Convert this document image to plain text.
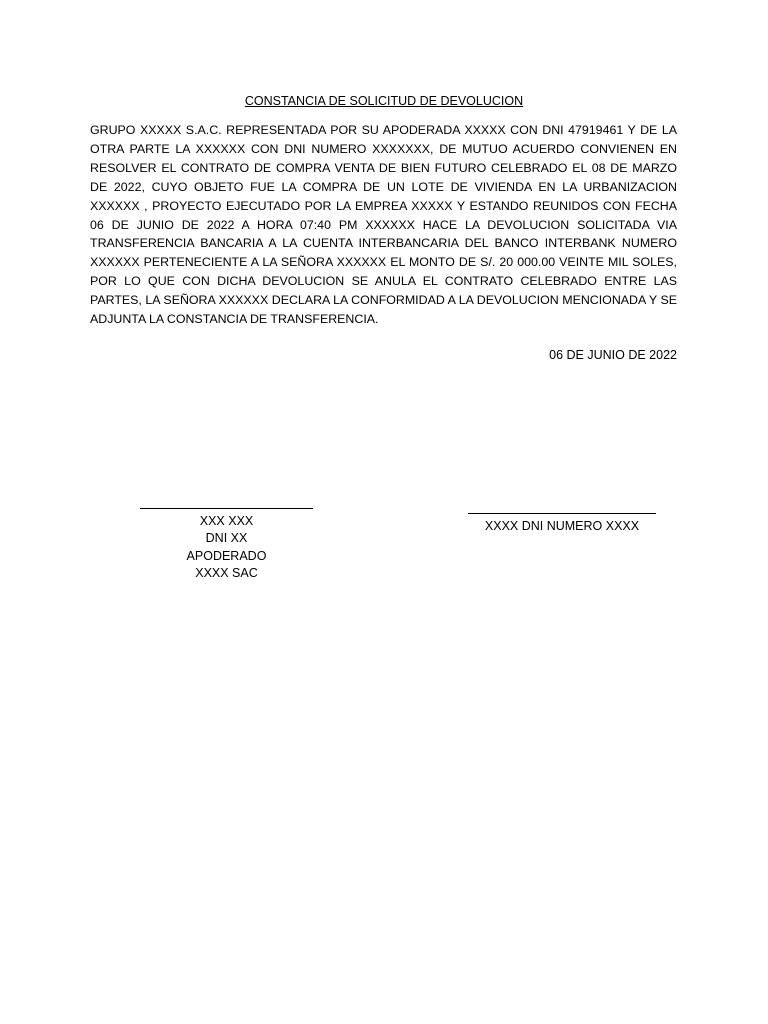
CONSTANCIA DE SOLICITUD DE DEVOLUCION

GRUPO XXXXX S.A.C. REPRESENTADA POR SU APODERADA XXXXX CON DNI 47919461 Y DE LA OTRA PARTE LA XXXXXX CON DNI NUMERO XXXXXXX, DE MUTUO ACUERDO CONVIENEN EN RESOLVER EL CONTRATO DE COMPRA VENTA DE BIEN FUTURO CELEBRADO EL 08 DE MARZO DE 2022, CUYO OBJETO FUE LA COMPRA DE UN LOTE DE VIVIENDA EN LA URBANIZACION XXXXXX , PROYECTO EJECUTADO POR LA EMPREA XXXXX Y ESTANDO REUNIDOS CON FECHA 06 DE JUNIO DE 2022 A HORA 07:40 PM XXXXXX HACE LA DEVOLUCION SOLICITADA VIA TRANSFERENCIA BANCARIA A LA CUENTA INTERBANCARIA DEL BANCO INTERBANK NUMERO XXXXXX PERTENECIENTE A LA SEÑORA XXXXXX EL MONTO DE S/. 20 000.00 VEINTE MIL SOLES, POR LO QUE CON DICHA DEVOLUCION SE ANULA EL CONTRATO CELEBRADO ENTRE LAS PARTES, LA SEÑORA XXXXXX DECLARA LA CONFORMIDAD A LA DEVOLUCION MENCIONADA Y SE ADJUNTA LA CONSTANCIA DE TRANSFERENCIA.

06 DE JUNIO DE 2022
XXX XXX
DNI XX
APODERADO
XXXX SAC
XXXX DNI NUMERO XXXX
